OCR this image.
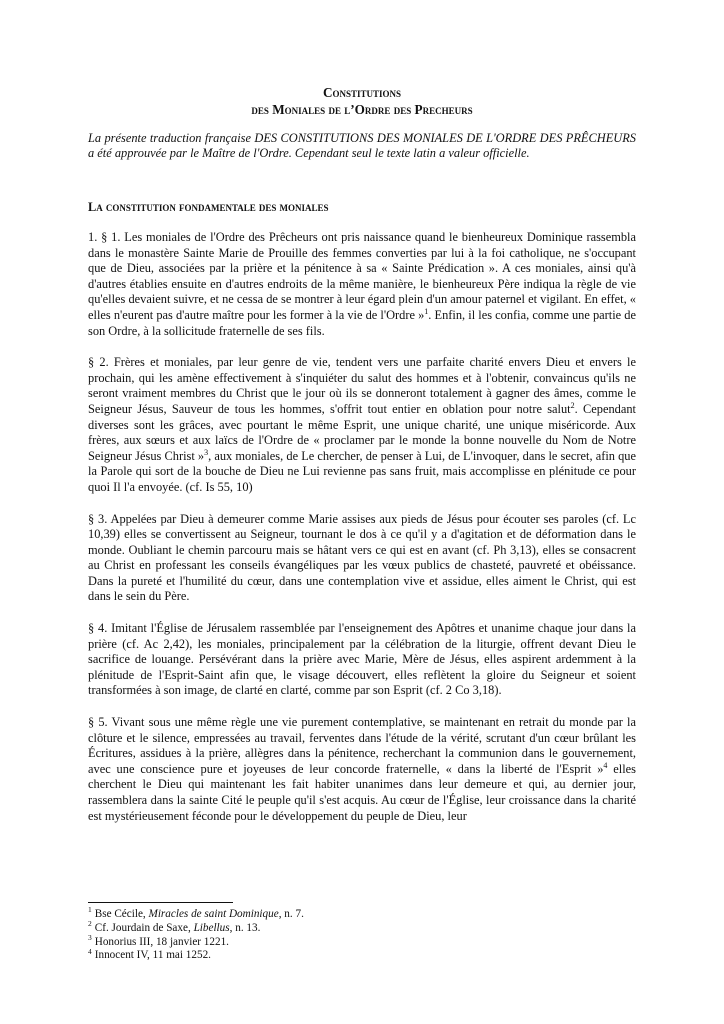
Constitutions
des Moniales de l’Ordre des Precheurs
La présente traduction française DES CONSTITUTIONS DES MONIALES DE L'ORDRE DES PRÊCHEURS a été approuvée par le Maître de l'Ordre. Cependant seul le texte latin a valeur officielle.
La constitution fondamentale des moniales

1. § 1. Les moniales de l'Ordre des Prêcheurs ont pris naissance quand le bienheureux Dominique rassembla dans le monastère Sainte Marie de Prouille des femmes converties par lui à la foi catholique, ne s'occupant que de Dieu, associées par la prière et la pénitence à sa « Sainte Prédication ». A ces moniales, ainsi qu'à d'autres établies ensuite en d'autres endroits de la même manière, le bienheureux Père indiqua la règle de vie qu'elles devaient suivre, et ne cessa de se montrer à leur égard plein d'un amour paternel et vigilant. En effet, « elles n'eurent pas d'autre maître pour les former à la vie de l'Ordre »$^1$. Enfin, il les confia, comme une partie de son Ordre, à la sollicitude fraternelle de ses fils.

§ 2. Frères et moniales, par leur genre de vie, tendent vers une parfaite charité envers Dieu et envers le prochain, qui les amène effectivement à s'inquiéter du salut des hommes et à l'obtenir, convaincus qu'ils ne seront vraiment membres du Christ que le jour où ils se donneront totalement à gagner des âmes, comme le Seigneur Jésus, Sauveur de tous les hommes, s'offrit tout entier en oblation pour notre salut$^2$. Cependant diverses sont les grâces, avec pourtant le même Esprit, une unique charité, une unique miséricorde. Aux frères, aux sœurs et aux laïcs de l'Ordre de « proclamer par le monde la bonne nouvelle du Nom de Notre Seigneur Jésus Christ »$^3$, aux moniales, de Le chercher, de penser à Lui, de L'invoquer, dans le secret, afin que la Parole qui sort de la bouche de Dieu ne Lui revienne pas sans fruit, mais accomplisse en plénitude ce pour quoi Il l'a envoyée. (cf. Is 55, 10)

§ 3. Appelées par Dieu à demeurer comme Marie assises aux pieds de Jésus pour écouter ses paroles (cf. Lc 10,39) elles se convertissent au Seigneur, tournant le dos à ce qu'il y a d'agitation et de déformation dans le monde. Oubliant le chemin parcouru mais se hâtant vers ce qui est en avant (cf. Ph 3,13), elles se consacrent au Christ en professant les conseils évangéliques par les vœux publics de chasteté, pauvreté et obéissance. Dans la pureté et l'humilité du cœur, dans une contemplation vive et assidue, elles aiment le Christ, qui est dans le sein du Père.

§ 4. Imitant l'Église de Jérusalem rassemblée par l'enseignement des Apôtres et unanime chaque jour dans la prière (cf. Ac 2,42), les moniales, principalement par la célébration de la liturgie, offrent devant Dieu le sacrifice de louange. Persévérant dans la prière avec Marie, Mère de Jésus, elles aspirent ardemment à la plénitude de l'Esprit-Saint afin que, le visage découvert, elles reflètent la gloire du Seigneur et soient transformées à son image, de clarté en clarté, comme par son Esprit (cf. 2 Co 3,18).

§ 5. Vivant sous une même règle une vie purement contemplative, se maintenant en retrait du monde par la clôture et le silence, empressées au travail, ferventes dans l'étude de la vérité, scrutant d'un cœur brûlant les Écritures, assidues à la prière, allègres dans la pénitence, recherchant la communion dans le gouvernement, avec une conscience pure et joyeuses de leur concorde fraternelle, « dans la liberté de l'Esprit »$^4$ elles cherchent le Dieu qui maintenant les fait habiter unanimes dans leur demeure et qui, au dernier jour, rassemblera dans la sainte Cité le peuple qu'il s'est acquis. Au cœur de l'Église, leur croissance dans la charité est mystérieusement féconde pour le développement du peuple de Dieu, leur

$^1$ Bse Cécile, Miracles de saint Dominique, n. 7.
$^2$ Cf. Jourdain de Saxe, Libellus, n. 13.
$^3$ Honorius III, 18 janvier 1221.
$^4$ Innocent IV, 11 mai 1252.
